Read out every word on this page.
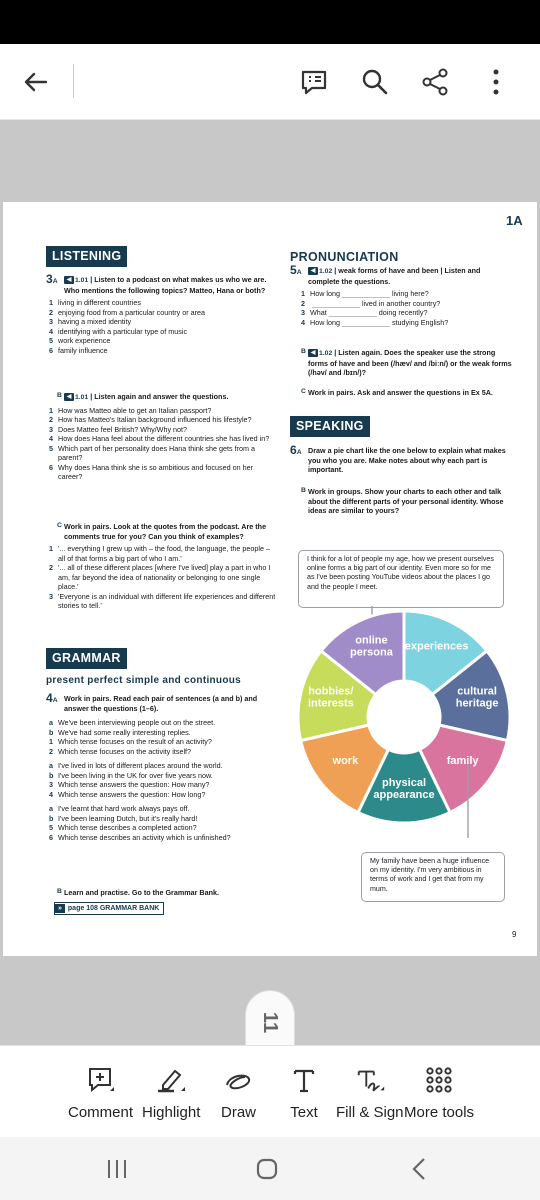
1A
LISTENING
3A ◀ 1.01 | Listen to a podcast on what makes us who we are. Who mentions the following topics? Matteo, Hana or both?
1 living in different countries
2 enjoying food from a particular country or area
3 having a mixed identity
4 identifying with a particular type of music
5 work experience
6 family influence
B ◀ 1.01 | Listen again and answer the questions.
1 How was Matteo able to get an Italian passport?
2 How has Matteo's Italian background influenced his lifestyle?
3 Does Matteo feel British? Why/Why not?
4 How does Hana feel about the different countries she has lived in?
5 Which part of her personality does Hana think she gets from a parent?
6 Why does Hana think she is so ambitious and focused on her career?
C Work in pairs. Look at the quotes from the podcast. Are the comments true for you? Can you think of examples?
1 '... everything I grew up with – the food, the language, the people – all of that forms a big part of who I am.'
2 '... all of these different places [where I've lived] play a part in who I am, far beyond the idea of nationality or belonging to one single place.'
3 'Everyone is an individual with different life experiences and different stories to tell.'
GRAMMAR
present perfect simple and continuous
4A Work in pairs. Read each pair of sentences (a and b) and answer the questions (1–6).
a We've been interviewing people out on the street.
b We've had some really interesting replies.
1 Which tense focuses on the result of an activity?
2 Which tense focuses on the activity itself?
a I've lived in lots of different places around the world.
b I've been living in the UK for over five years now.
3 Which tense answers the question: How many?
4 Which tense answers the question: How long?
a I've learnt that hard work always pays off.
b I've been learning Dutch, but it's really hard!
5 Which tense describes a completed action?
6 Which tense describes an activity which is unfinished?
B Learn and practise. Go to the Grammar Bank.
» page 108 GRAMMAR BANK
PRONUNCIATION
5A ◀ 1.02 | weak forms of have and been | Listen and complete the questions.
1 How long ____________ living here?
2 ____________ lived in another country?
3 What ____________ doing recently?
4 How long ____________ studying English?
B ◀ 1.02 | Listen again. Does the speaker use the strong forms of have and been (/hæv/ and /biːn/) or the weak forms (/həv/ and /bɪn/)?
C Work in pairs. Ask and answer the questions in Ex 5A.
SPEAKING
6A Draw a pie chart like the one below to explain what makes you who you are. Make notes about why each part is important.
B Work in groups. Show your charts to each other and talk about the different parts of your personal identity. Whose ideas are similar to yours?
I think for a lot of people my age, how we present ourselves online forms a big part of our identity. Even more so for me as I've been posting YouTube videos about the places I go and the people I meet.
My family have been a huge influence on my identity. I'm very ambitious in terms of work and I get that from my mum.
experiences
cultural heritage
family
physical appearance
work
hobbies/ interests
online persona
9
11
Comment Highlight Draw Text Fill & Sign More tools
